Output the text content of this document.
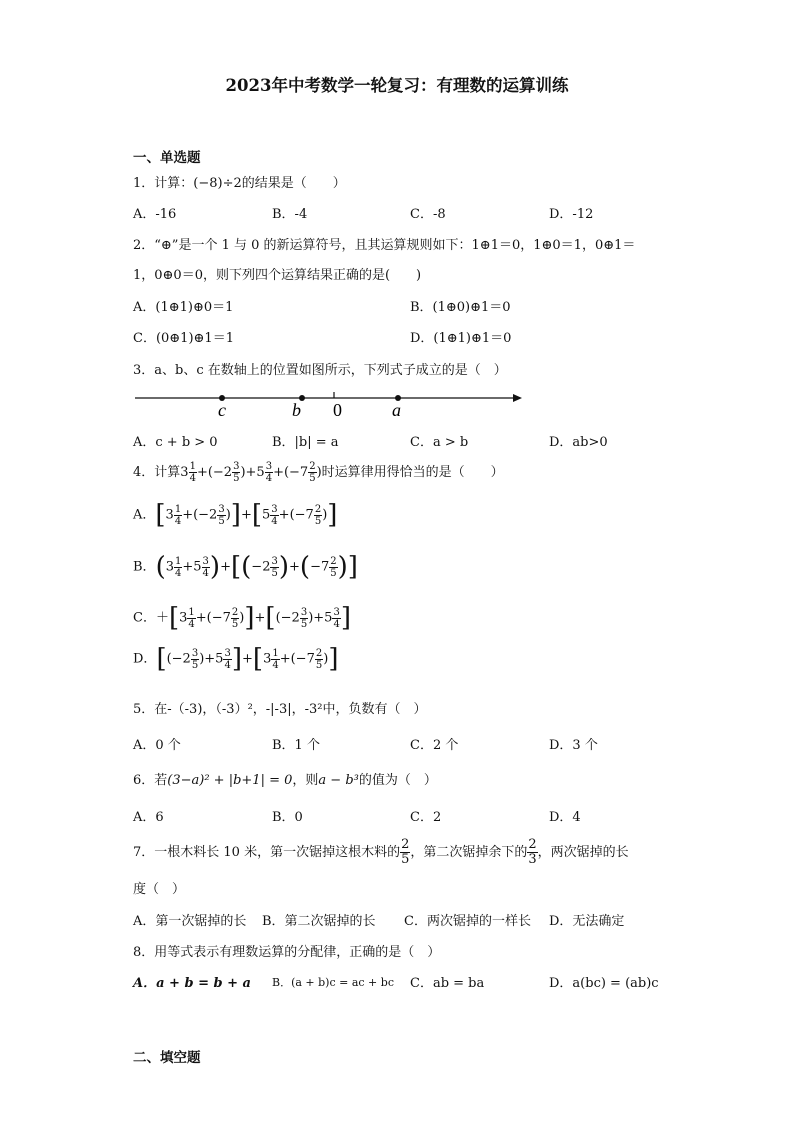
2023年中考数学一轮复习：有理数的运算训练
一、单选题
1．计算：(−8)÷2的结果是（　　）
A．-16	B．-4	C．-8	D．-12
2．“⊕”是一个 1 与 0 的新运算符号，且其运算规则如下：1⊕1＝0，1⊕0＝1，0⊕1＝
1，0⊕0＝0，则下列四个运算结果正确的是(　　)
A．(1⊕1)⊕0＝1	B．(1⊕0)⊕1＝0
C．(0⊕1)⊕1＝1	D．(1⊕1)⊕1＝0
3．a、b、c 在数轴上的位置如图所示，下列式子成立的是（　）
c	b 0	a
A．c + b > 0	B．|b| = a	C．a > b	D．ab>0
4．计算$3 \frac{1}{4} +(-2 \frac{3}{5} )+5 \frac{3}{4} +(-7 \frac{2}{5}$ )时运算律用得恰当的是（　　）
A．$[3 \frac{1}{4} +(-2 \frac{3}{5} )]+[5 \frac{3}{4} +(-7 \frac{2}{5}$ )]
B．$(3 \frac{1}{4} +5 \frac{3}{4} )+[(-2 \frac{3}{5} )+(-7 \frac{2}{5}$ )]
C．$+[3 \frac{1}{4} +(-7 \frac{2}{5} )]+[(-2 \frac{3}{5} )+5 \frac{3}{4}$ ]
D．$[(-2 \frac{3}{5} )+5 \frac{3}{4} ]+[3 \frac{1}{4} +(-7 \frac{2}{5}$ )]
5．在-（-3)，（-3）²，-|-3|，-3²中，负数有（　）
A．0 个	B．1 个	C．2 个	D．3 个
6．若(3−a)² + |b+1| = 0，则a − b³的值为（　）
A．6	B．0	C．2	D．4
7．一根木料长 10 米，第一次锯掉这根木料的 $\frac{2}{5}$ ，第二次锯掉余下的 $\frac{2}{3}$ ，两次锯掉的长
度（　）
A．第一次锯掉的长 B．第二次锯掉的长 C．两次锯掉的一样长 D．无法确定
8．用等式表示有理数运算的分配律，正确的是（　）
A．a + b = b + a B．(a + b)c = ac + bc C．ab = ba	D．a(bc) = (ab)c
二、填空题
